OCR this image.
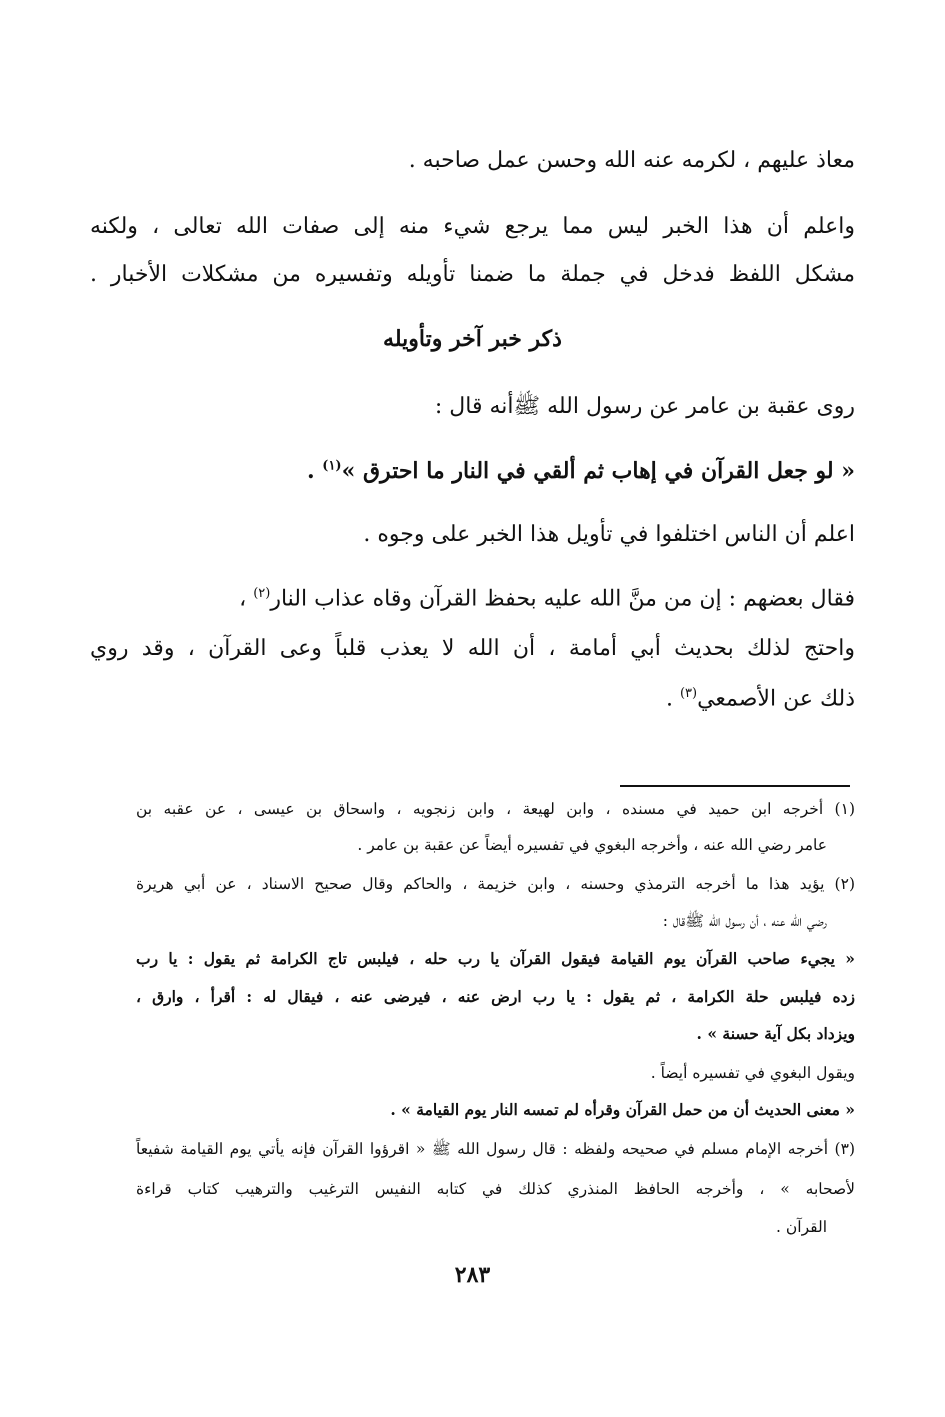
معاذ عليهم ، لكرمه عنه الله وحسن عمل صاحبه .
واعلم أن هذا الخبر ليس مما يرجع شيء منه إلى صفات الله تعالى ، ولكنه
مشكل اللفظ فدخل في جملة ما ضمنا تأويله وتفسيره من مشكلات الأخبار .
ذكر خبر آخر وتأويله
روى عقبة بن عامر عن رسول الله ﷺأنه قال :
« لو جعل القرآن في إهاب ثم ألقي في النار ما احترق »$^{(١)}$ .
اعلم أن الناس اختلفوا في تأويل هذا الخبر على وجوه .
فقال بعضهم : إن من منَّ الله عليه بحفظ القرآن وقاه عذاب النار$^{(٢)}$ ،
واحتج لذلك بحديث أبي أمامة ، أن الله لا يعذب قلباً وعى القرآن ، وقد روي
ذلك عن الأصمعي$^{(٣)}$ .
(١) أخرجه ابن حميد في مسنده ، وابن لهيعة ، وابن زنجويه ، واسحاق بن عيسى ، عن عقبه بن
عامر رضي الله عنه ، وأخرجه البغوي في تفسيره أيضاً عن عقبة بن عامر .
(٢) يؤيد هذا ما أخرجه الترمذي وحسنه ، وابن خزيمة ، والحاكم وقال صحيح الاسناد ، عن أبي هريرة
رضي الله عنه ، أن رسول الله ﷺقال :
« يجيء صاحب القرآن يوم القيامة فيقول القرآن يا رب حله ، فيلبس تاج الكرامة ثم يقول : يا رب
زده فيلبس حلة الكرامة ، ثم يقول : يا رب ارض عنه ، فيرضى عنه ، فيقال له : أقرأ ، وارق ،
ويزداد بكل آية حسنة » .
ويقول البغوي في تفسيره أيضاً .
« معنى الحديث أن من حمل القرآن وقرأه لم تمسه النار يوم القيامة » .
(٣) أخرجه الإمام مسلم في صحيحه ولفظه : قال رسول الله ﷺ « اقرؤوا القرآن فإنه يأتي يوم القيامة شفيعاً
لأصحابه » ، وأخرجه الحافظ المنذري كذلك في كتابه النفيس الترغيب والترهيب كتاب قراءة
القرآن .
٢٨٣
